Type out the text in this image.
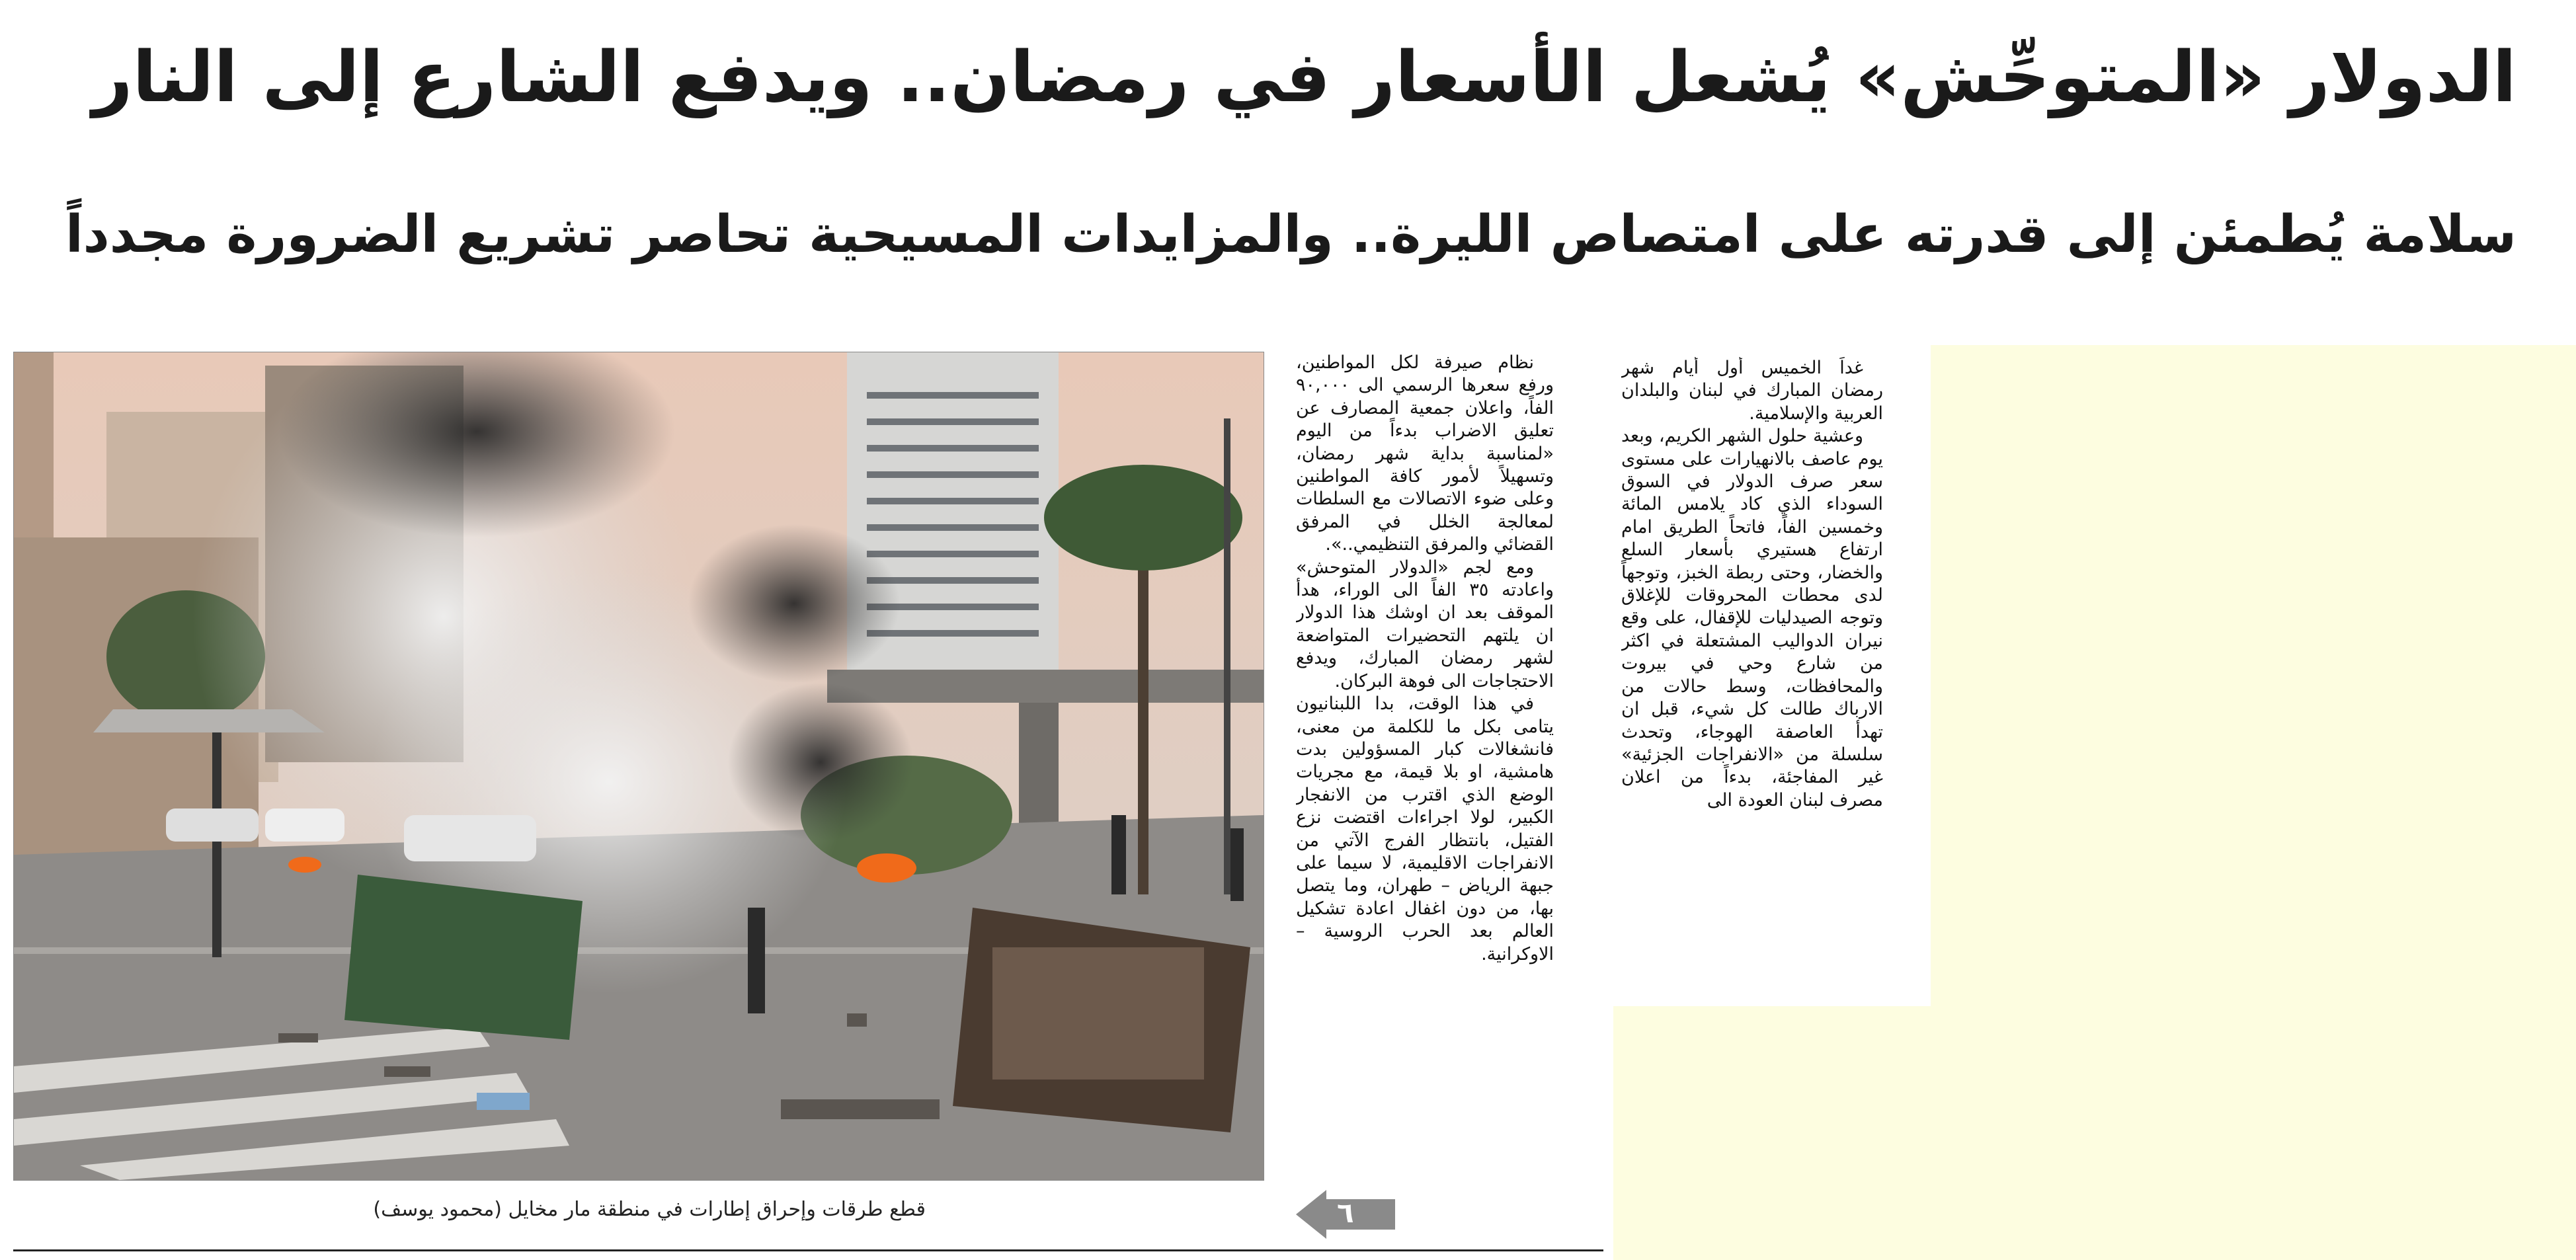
الدولار «المتوحِّش» يُشعل الأسعار في رمضان.. ويدفع الشارع إلى النار
سلامة يُطمئن إلى قدرته على امتصاص الليرة.. والمزايدات المسيحية تحاصر تشريع الضرورة مجدداً

غداً الخميس أول أيام شهر رمضان المبارك في لبنان والبلدان العربية والإسلامية.

وعشية حلول الشهر الكريم، وبعد يوم عاصف بالانهيارات على مستوى سعر صرف الدولار في السوق السوداء الذي كاد يلامس المائة وخمسين الفاً، فاتحاً الطريق امام ارتفاع هستيري بأسعار السلع والخضار، وحتى ربطة الخبز، وتوجهاً لدى محطات المحروقات للإغلاق وتوجه الصيدليات للإقفال، على وقع نيران الدواليب المشتعلة في اكثر من شارع وحي في بيروت والمحافظات، وسط حالات من الارباك طالت كل شيء، قبل ان تهدأ العاصفة الهوجاء، وتحدث سلسلة من «الانفراجات الجزئية» غير المفاجئة، بدءاً من اعلان مصرف لبنان العودة الى

نظام صيرفة لكل المواطنين، ورفع سعرها الرسمي الى ٩٠,٠٠٠ الفاً، واعلان جمعية المصارف عن تعليق الاضراب بدءاً من اليوم «لمناسبة بداية شهر رمضان، وتسهيلاً لأمور كافة المواطنين وعلى ضوء الاتصالات مع السلطات لمعالجة الخلل في المرفق القضائي والمرفق التنظيمي..».

ومع لجم «الدولار المتوحش» واعادته ٣٥ الفاً الى الوراء، هدأ الموقف بعد ان اوشك هذا الدولار ان يلتهم التحضيرات المتواضعة لشهر رمضان المبارك، ويدفع الاحتجاجات الى فوهة البركان.

في هذا الوقت، بدا اللبنانيون يتامى بكل ما للكلمة من معنى، فانشغالات كبار المسؤولين بدت هامشية، او بلا قيمة، مع مجريات الوضع الذي اقترب من الانفجار الكبير، لولا اجراءات اقتضت نزع الفتيل، بانتظار الفرج الآتي من الانفراجات الاقليمية، لا سيما على جبهة الرياض – طهران، وما يتصل بها، من دون اغفال اعادة تشكيل العالم بعد الحرب الروسية – الاوكرانية.

قطع طرقات وإحراق إطارات في منطقة مار مخايل (محمود يوسف)	٦
